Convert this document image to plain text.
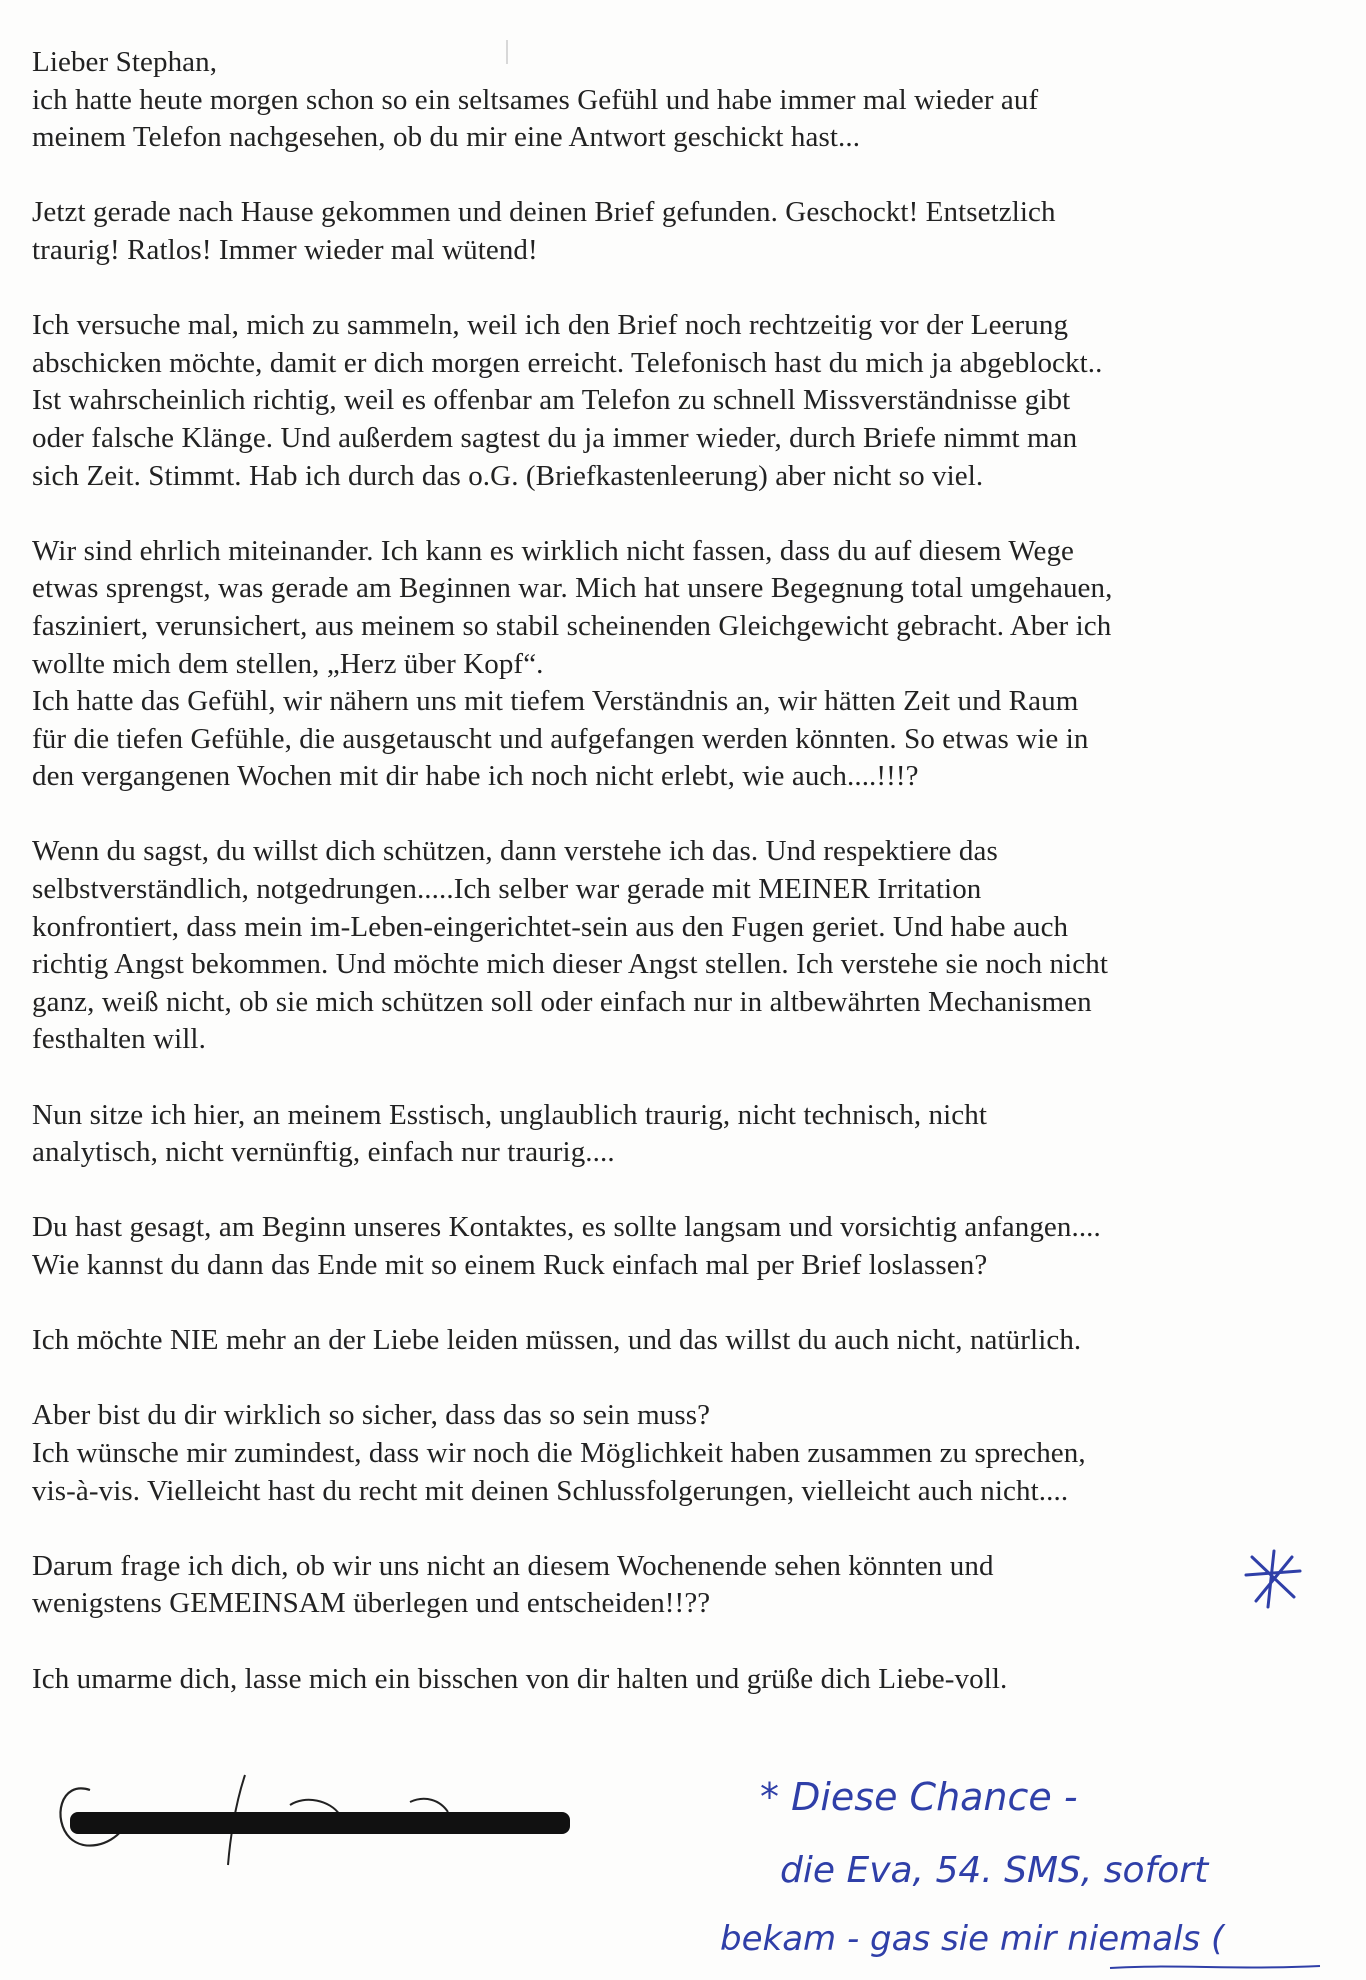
Lieber Stephan,

ich hatte heute morgen schon so ein seltsames Gefühl und habe immer mal wieder auf
meinem Telefon nachgesehen, ob du mir eine Antwort geschickt hast...

Jetzt gerade nach Hause gekommen und deinen Brief gefunden. Geschockt! Entsetzlich
traurig! Ratlos! Immer wieder mal wütend!

Ich versuche mal, mich zu sammeln, weil ich den Brief noch rechtzeitig vor der Leerung
abschicken möchte, damit er dich morgen erreicht. Telefonisch hast du mich ja abgeblockt..
Ist wahrscheinlich richtig, weil es offenbar am Telefon zu schnell Missverständnisse gibt
oder falsche Klänge. Und außerdem sagtest du ja immer wieder, durch Briefe nimmt man
sich Zeit. Stimmt. Hab ich durch das o.G. (Briefkastenleerung) aber nicht so viel.

Wir sind ehrlich miteinander. Ich kann es wirklich nicht fassen, dass du auf diesem Wege
etwas sprengst, was gerade am Beginnen war. Mich hat unsere Begegnung total umgehauen,
fasziniert, verunsichert, aus meinem so stabil scheinenden Gleichgewicht gebracht. Aber ich
wollte mich dem stellen, „Herz über Kopf“.
Ich hatte das Gefühl, wir nähern uns mit tiefem Verständnis an, wir hätten Zeit und Raum
für die tiefen Gefühle, die ausgetauscht und aufgefangen werden könnten. So etwas wie in
den vergangenen Wochen mit dir habe ich noch nicht erlebt, wie auch....!!!?

Wenn du sagst, du willst dich schützen, dann verstehe ich das. Und respektiere das
selbstverständlich, notgedrungen.....Ich selber war gerade mit MEINER Irritation
konfrontiert, dass mein im-Leben-eingerichtet-sein aus den Fugen geriet. Und habe auch
richtig Angst bekommen. Und möchte mich dieser Angst stellen. Ich verstehe sie noch nicht
ganz, weiß nicht, ob sie mich schützen soll oder einfach nur in altbewährten Mechanismen
festhalten will.

Nun sitze ich hier, an meinem Esstisch, unglaublich traurig, nicht technisch, nicht
analytisch, nicht vernünftig, einfach nur traurig....

Du hast gesagt, am Beginn unseres Kontaktes, es sollte langsam und vorsichtig anfangen....
Wie kannst du dann das Ende mit so einem Ruck einfach mal per Brief loslassen?

Ich möchte NIE mehr an der Liebe leiden müssen, und das willst du auch nicht, natürlich.

Aber bist du dir wirklich so sicher, dass das so sein muss?
Ich wünsche mir zumindest, dass wir noch die Möglichkeit haben zusammen zu sprechen,
vis-à-vis. Vielleicht hast du recht mit deinen Schlussfolgerungen, vielleicht auch nicht....

Darum frage ich dich, ob wir uns nicht an diesem Wochenende sehen könnten und
wenigstens GEMEINSAM überlegen und entscheiden!!??

Ich umarme dich, lasse mich ein bisschen von dir halten und grüße dich Liebe-voll.

* Diese Chance -
die Eva, 54. SMS, sofort
bekam - gas sie mir niemals (
